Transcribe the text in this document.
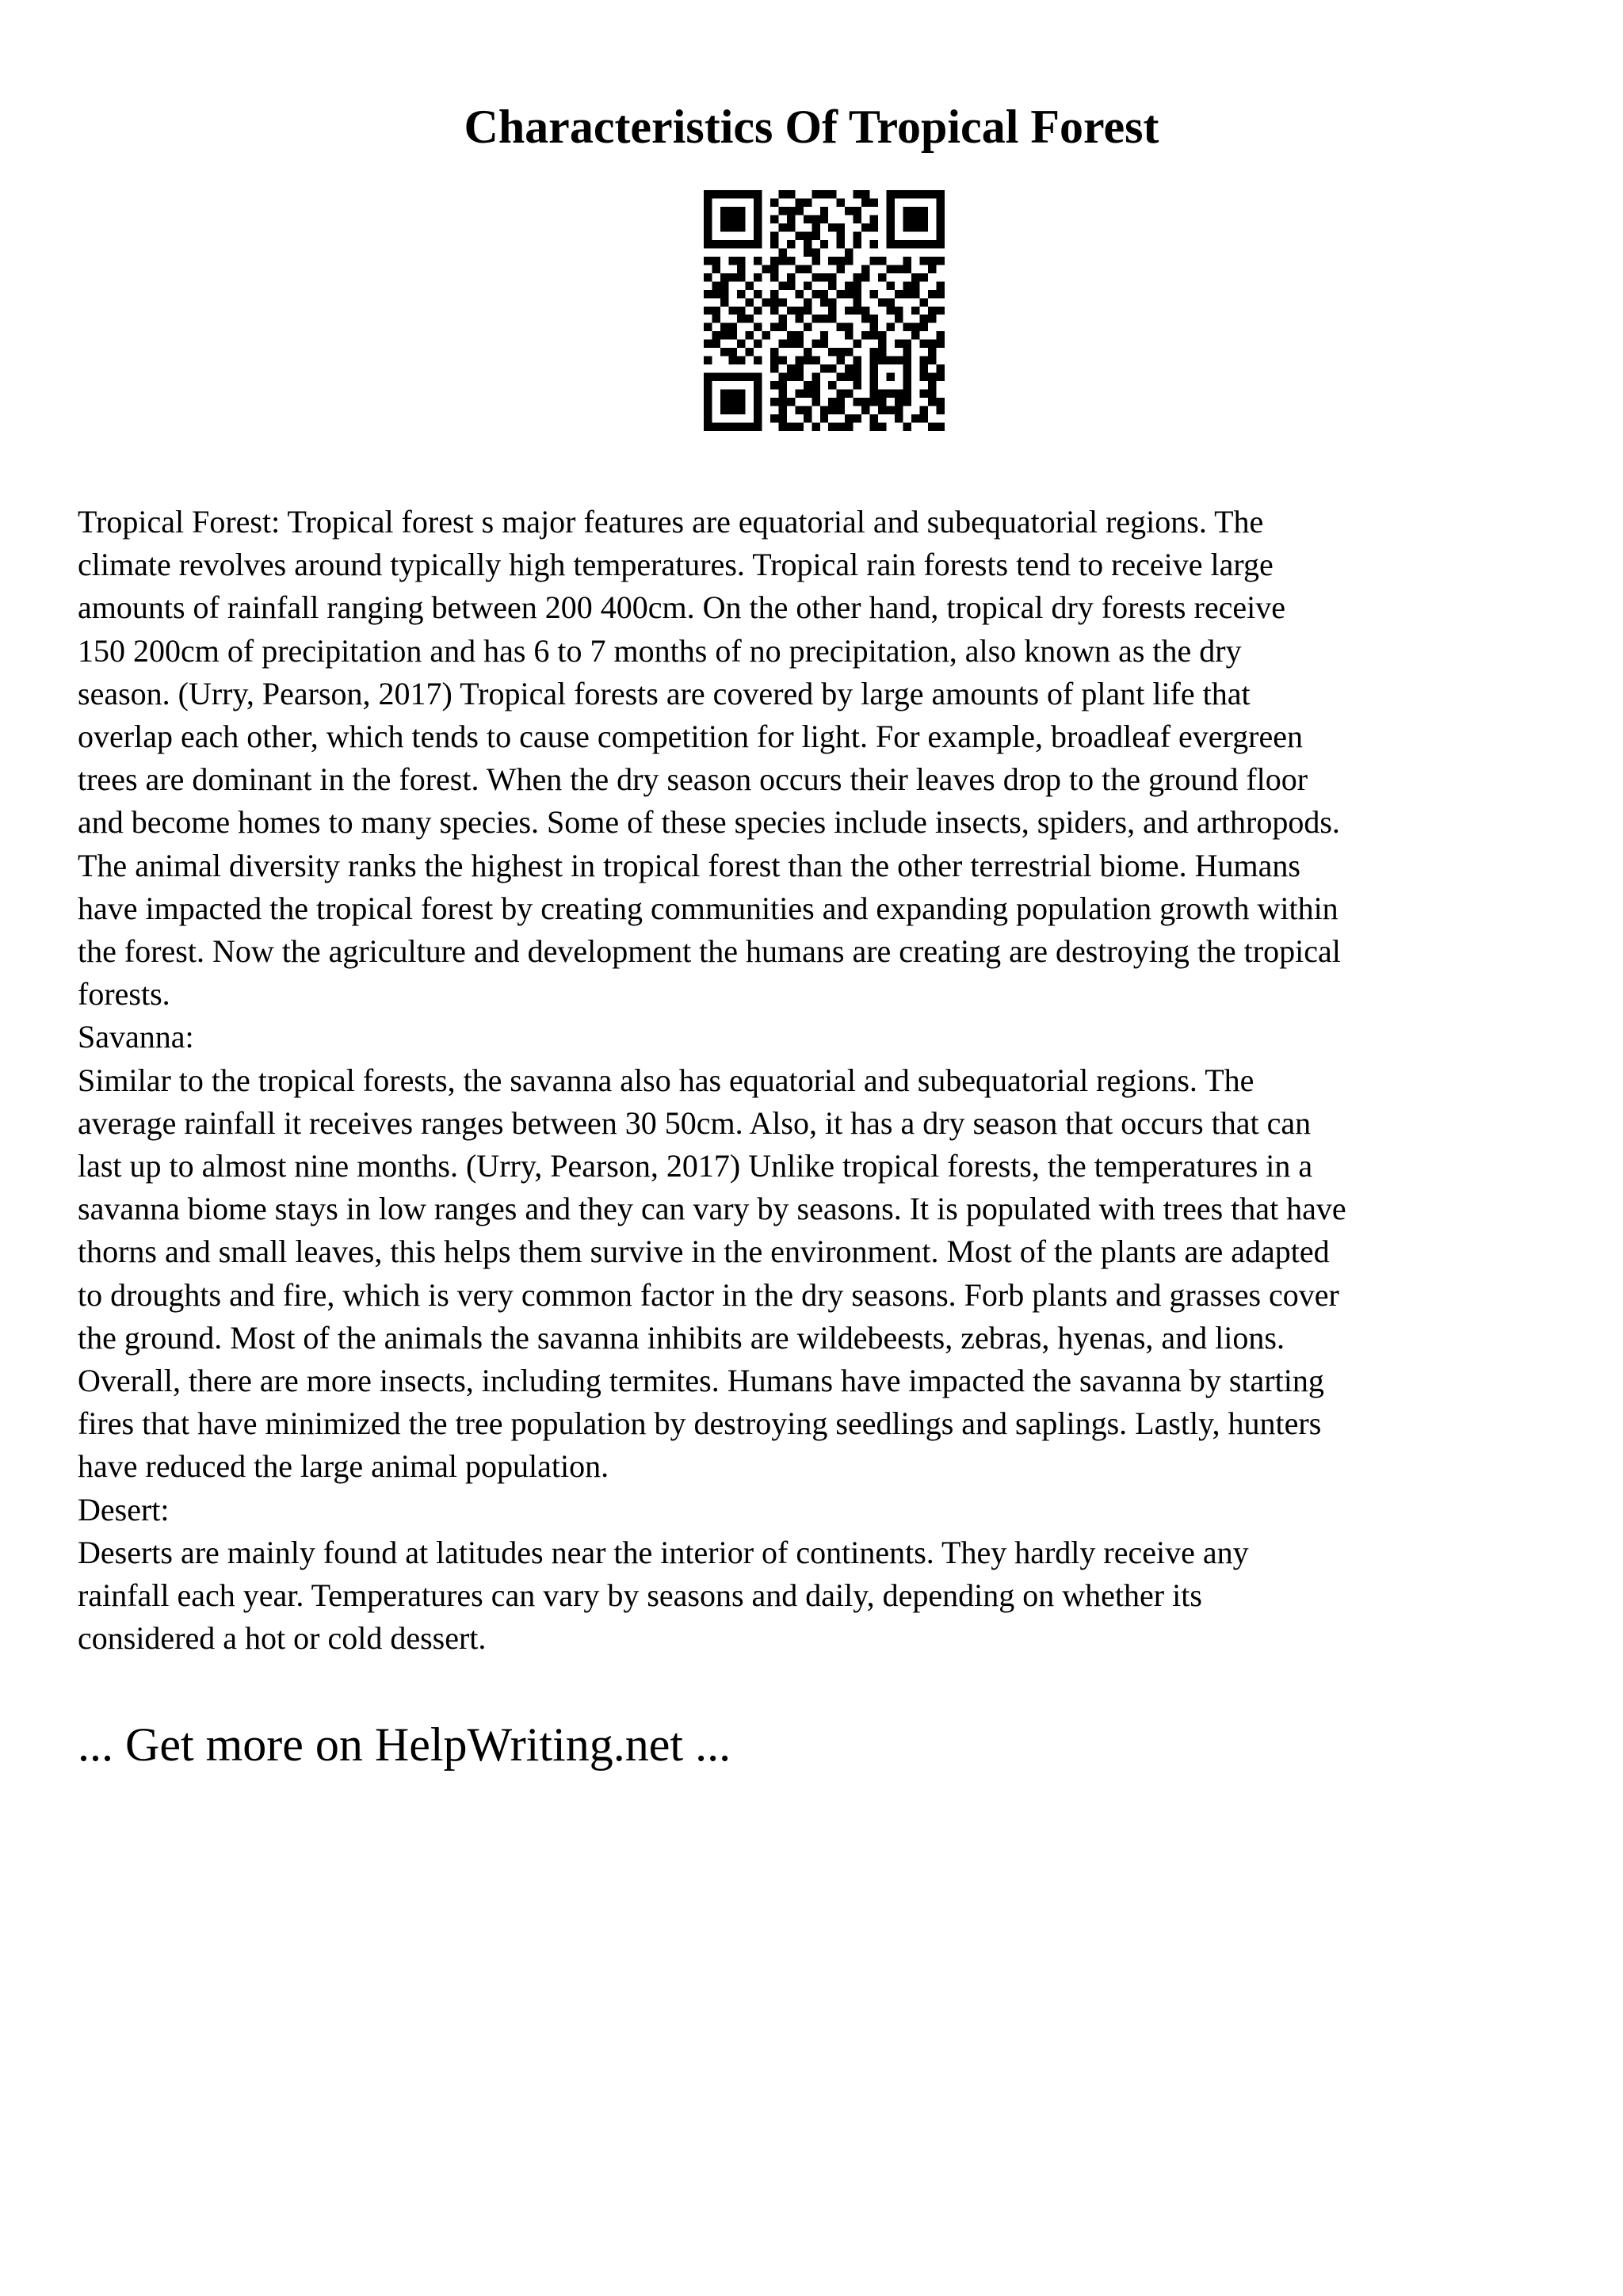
Characteristics Of Tropical Forest
Tropical Forest: Tropical forest s major features are equatorial and subequatorial regions. The
climate revolves around typically high temperatures. Tropical rain forests tend to receive large
amounts of rainfall ranging between 200 400cm. On the other hand, tropical dry forests receive
150 200cm of precipitation and has 6 to 7 months of no precipitation, also known as the dry
season. (Urry, Pearson, 2017) Tropical forests are covered by large amounts of plant life that
overlap each other, which tends to cause competition for light. For example, broadleaf evergreen
trees are dominant in the forest. When the dry season occurs their leaves drop to the ground floor
and become homes to many species. Some of these species include insects, spiders, and arthropods.
The animal diversity ranks the highest in tropical forest than the other terrestrial biome. Humans
have impacted the tropical forest by creating communities and expanding population growth within
the forest. Now the agriculture and development the humans are creating are destroying the tropical
forests.
Savanna:
Similar to the tropical forests, the savanna also has equatorial and subequatorial regions. The
average rainfall it receives ranges between 30 50cm. Also, it has a dry season that occurs that can
last up to almost nine months. (Urry, Pearson, 2017) Unlike tropical forests, the temperatures in a
savanna biome stays in low ranges and they can vary by seasons. It is populated with trees that have
thorns and small leaves, this helps them survive in the environment. Most of the plants are adapted
to droughts and fire, which is very common factor in the dry seasons. Forb plants and grasses cover
the ground. Most of the animals the savanna inhibits are wildebeests, zebras, hyenas, and lions.
Overall, there are more insects, including termites. Humans have impacted the savanna by starting
fires that have minimized the tree population by destroying seedlings and saplings. Lastly, hunters
have reduced the large animal population.
Desert:
Deserts are mainly found at latitudes near the interior of continents. They hardly receive any
rainfall each year. Temperatures can vary by seasons and daily, depending on whether its
considered a hot or cold dessert.
... Get more on HelpWriting.net ...
